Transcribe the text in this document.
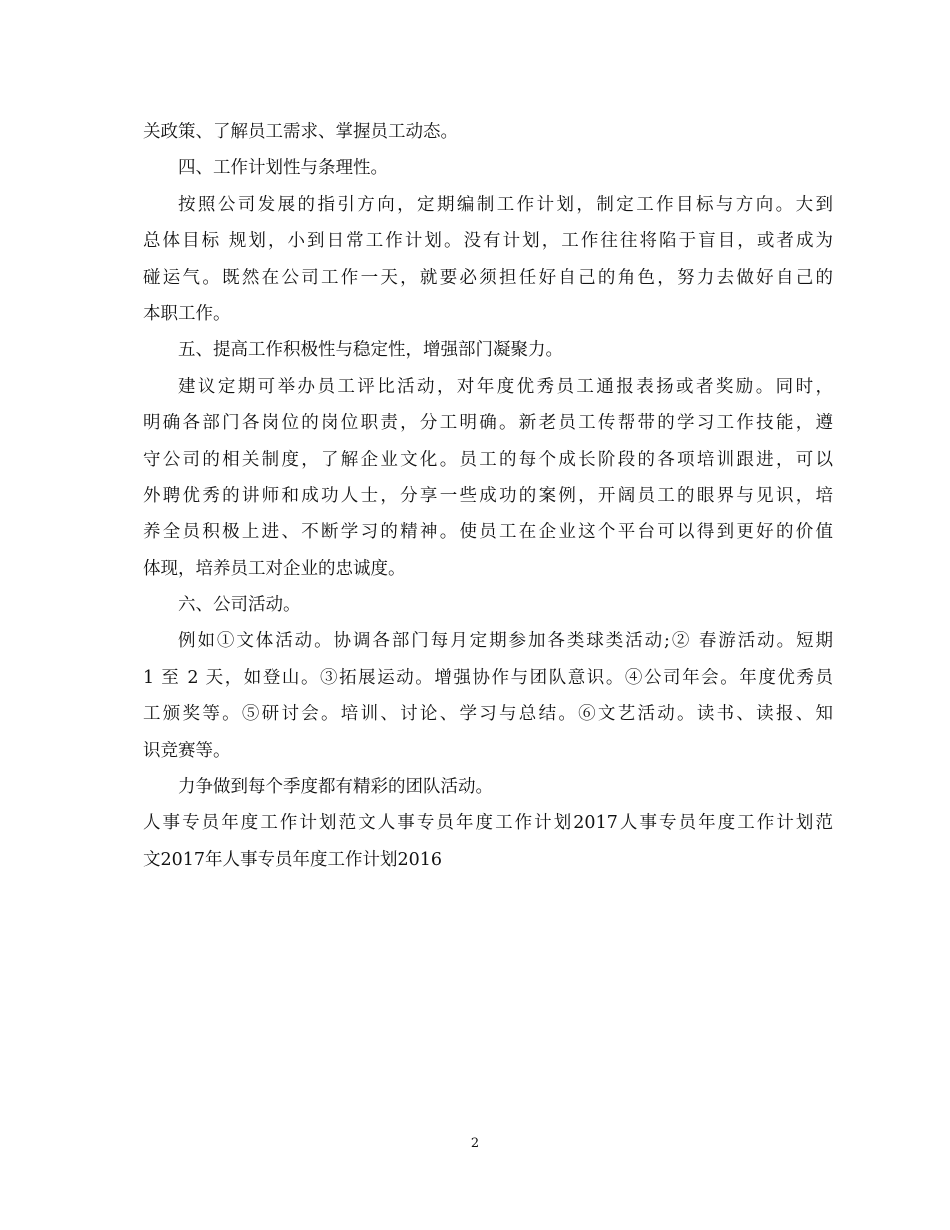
关政策、了解员工需求、掌握员工动态。
四、工作计划性与条理性。
按照公司发展的指引方向，定期编制工作计划，制定工作目标与方向。大到
总体目标 规划，小到日常工作计划。没有计划，工作往往将陷于盲目，或者成为
碰运气。既然在公司工作一天，就要必须担任好自己的角色，努力去做好自己的
本职工作。
五、提高工作积极性与稳定性，增强部门凝聚力。
建议定期可举办员工评比活动，对年度优秀员工通报表扬或者奖励。同时，
明确各部门各岗位的岗位职责，分工明确。新老员工传帮带的学习工作技能，遵
守公司的相关制度，了解企业文化。员工的每个成长阶段的各项培训跟进，可以
外聘优秀的讲师和成功人士，分享一些成功的案例，开阔员工的眼界与见识，培
养全员积极上进、不断学习的精神。使员工在企业这个平台可以得到更好的价值
体现，培养员工对企业的忠诚度。
六、公司活动。
例如①文体活动。协调各部门每月定期参加各类球类活动;② 春游活动。短期
1 至 2 天，如登山。③拓展运动。增强协作与团队意识。④公司年会。年度优秀员
工颁奖等。⑤研讨会。培训、讨论、学习与总结。⑥文艺活动。读书、读报、知
识竞赛等。
力争做到每个季度都有精彩的团队活动。
人事专员年度工作计划范文人事专员年度工作计划2017人事专员年度工作计划范
文2017年人事专员年度工作计划2016
2
